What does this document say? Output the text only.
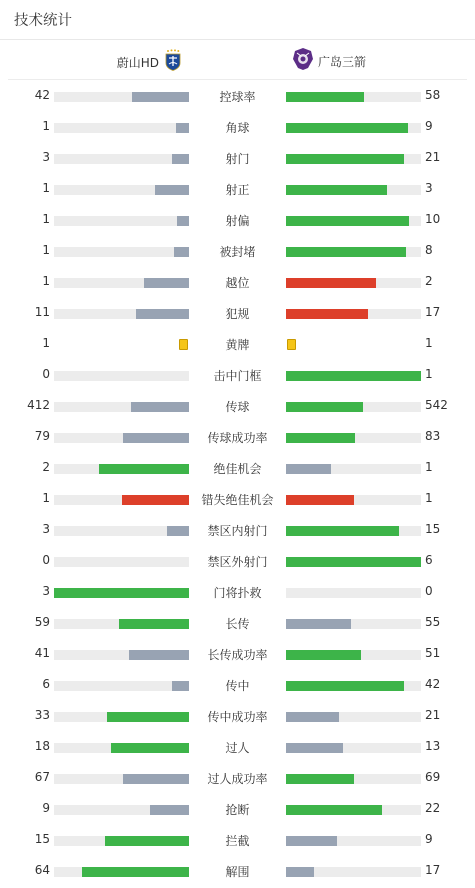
技术统计
蔚山HD	广岛三箭
42	控球率	58
1	角球	9
3	射门	21
1	射正	3
1	射偏	10
1	被封堵	8
1	越位	2
11	犯规	17
1	黄牌	1
0	击中门框	1
412	传球	542
79	传球成功率	83
2	绝佳机会	1
1	错失绝佳机会	1
3	禁区内射门	15
0	禁区外射门	6
3	门将扑救	0
59	长传	55
41	长传成功率	51
6	传中	42
33	传中成功率	21
18	过人	13
67	过人成功率	69
9	抢断	22
15	拦截	9
64	解围	17
